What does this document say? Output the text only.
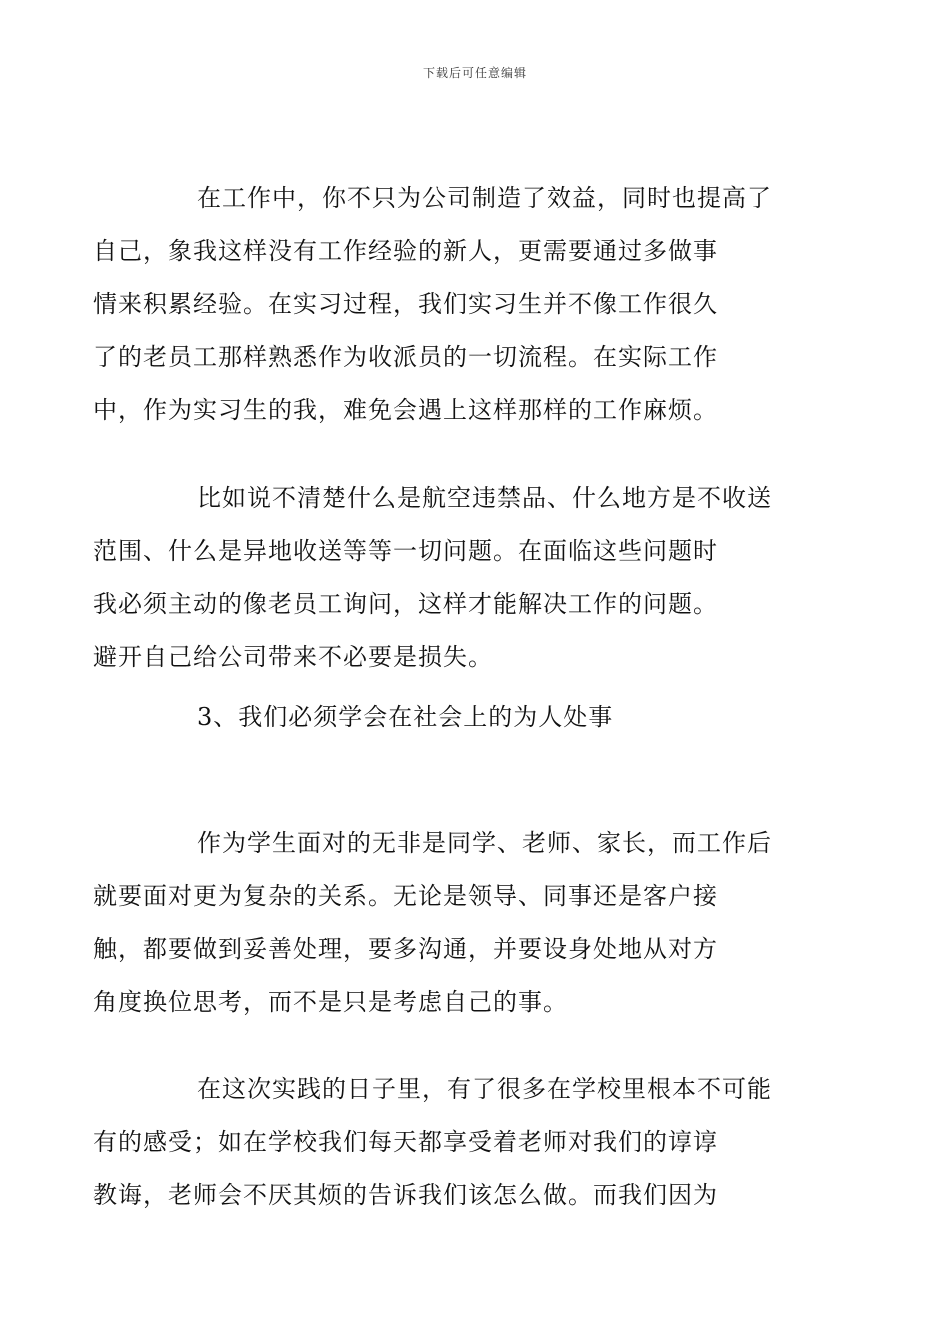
下载后可任意编辑

在工作中，你不只为公司制造了效益，同时也提高了
自己，象我这样没有工作经验的新人，更需要通过多做事
情来积累经验。在实习过程，我们实习生并不像工作很久
了的老员工那样熟悉作为收派员的一切流程。在实际工作
中，作为实习生的我，难免会遇上这样那样的工作麻烦。

比如说不清楚什么是航空违禁品、什么地方是不收送
范围、什么是异地收送等等一切问题。在面临这些问题时
我必须主动的像老员工询问，这样才能解决工作的问题。
避开自己给公司带来不必要是损失。

3、我们必须学会在社会上的为人处事

作为学生面对的无非是同学、老师、家长，而工作后
就要面对更为复杂的关系。无论是领导、同事还是客户接
触，都要做到妥善处理，要多沟通，并要设身处地从对方
角度换位思考，而不是只是考虑自己的事。

在这次实践的日子里，有了很多在学校里根本不可能
有的感受；如在学校我们每天都享受着老师对我们的谆谆
教诲，老师会不厌其烦的告诉我们该怎么做。而我们因为
